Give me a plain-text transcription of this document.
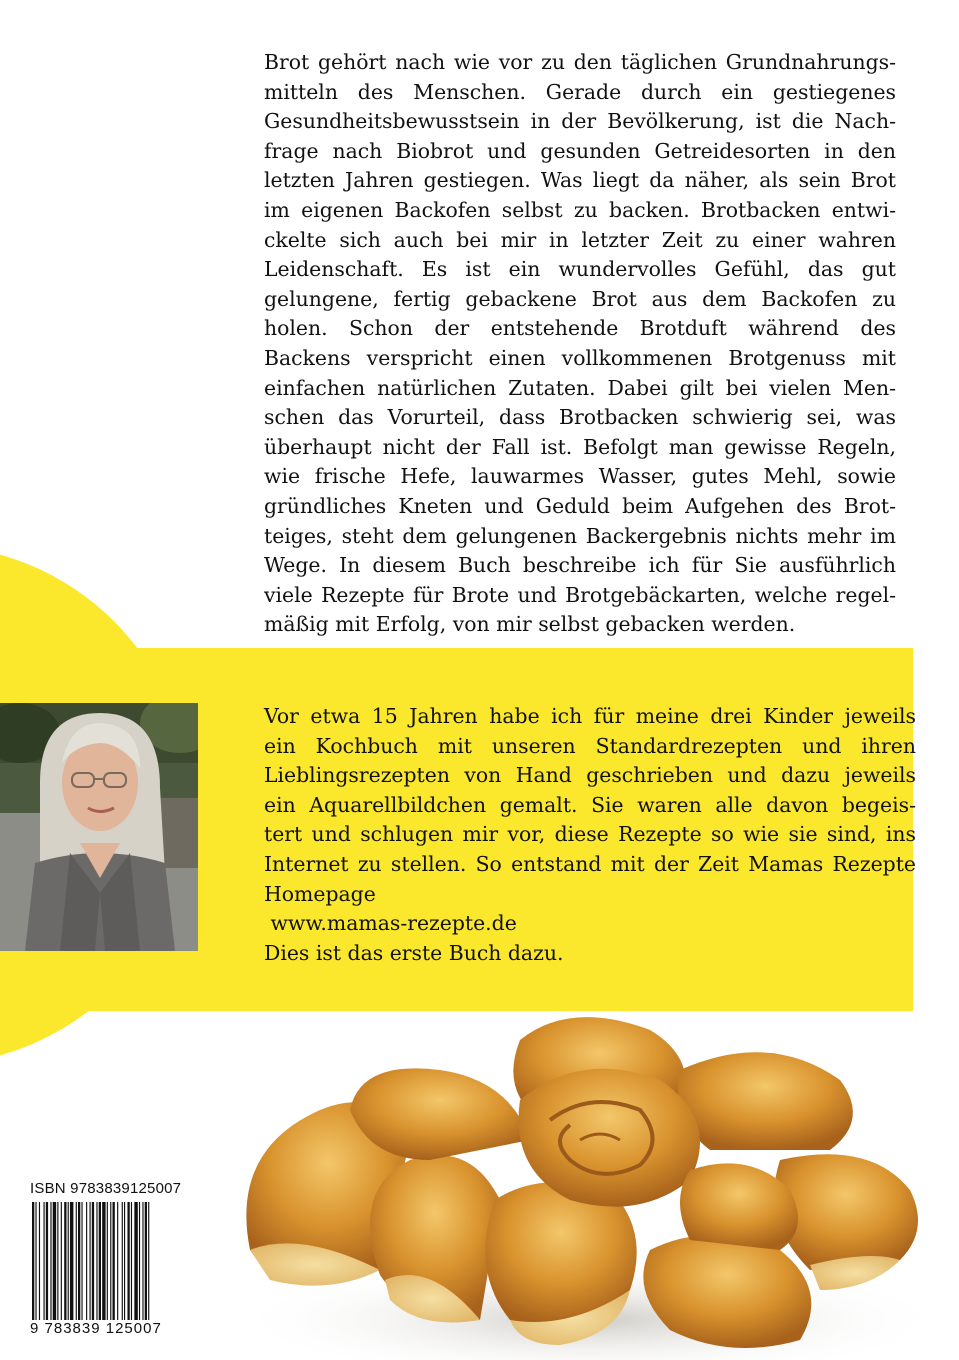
Brot gehört nach wie vor zu den täglichen Grundnahrungs-
mitteln des Menschen. Gerade durch ein gestiegenes
Gesundheitsbewusstsein in der Bevölkerung, ist die Nach-
frage nach Biobrot und gesunden Getreidesorten in den
letzten Jahren gestiegen. Was liegt da näher, als sein Brot
im eigenen Backofen selbst zu backen. Brotbacken entwi-
ckelte sich auch bei mir in letzter Zeit zu einer wahren
Leidenschaft. Es ist ein wundervolles Gefühl, das gut
gelungene, fertig gebackene Brot aus dem Backofen zu
holen. Schon der entstehende Brotduft während des
Backens verspricht einen vollkommenen Brotgenuss mit
einfachen natürlichen Zutaten. Dabei gilt bei vielen Men-
schen das Vorurteil, dass Brotbacken schwierig sei, was
überhaupt nicht der Fall ist. Befolgt man gewisse Regeln,
wie frische Hefe, lauwarmes Wasser, gutes Mehl, sowie
gründliches Kneten und Geduld beim Aufgehen des Brot-
teiges, steht dem gelungenen Backergebnis nichts mehr im
Wege. In diesem Buch beschreibe ich für Sie ausführlich
viele Rezepte für Brote und Brotgebäckarten, welche regel-
mäßig mit Erfolg, von mir selbst gebacken werden.
Vor etwa 15 Jahren habe ich für meine drei Kinder jeweils
ein Kochbuch mit unseren Standardrezepten und ihren
Lieblingsrezepten von Hand geschrieben und dazu jeweils
ein Aquarellbildchen gemalt. Sie waren alle davon begeis-
tert und schlugen mir vor, diese Rezepte so wie sie sind, ins
Internet zu stellen. So entstand mit der Zeit Mamas Rezepte
Homepage
www.mamas-rezepte.de
Dies ist das erste Buch dazu.
ISBN 9783839125007
9 783839 125007
